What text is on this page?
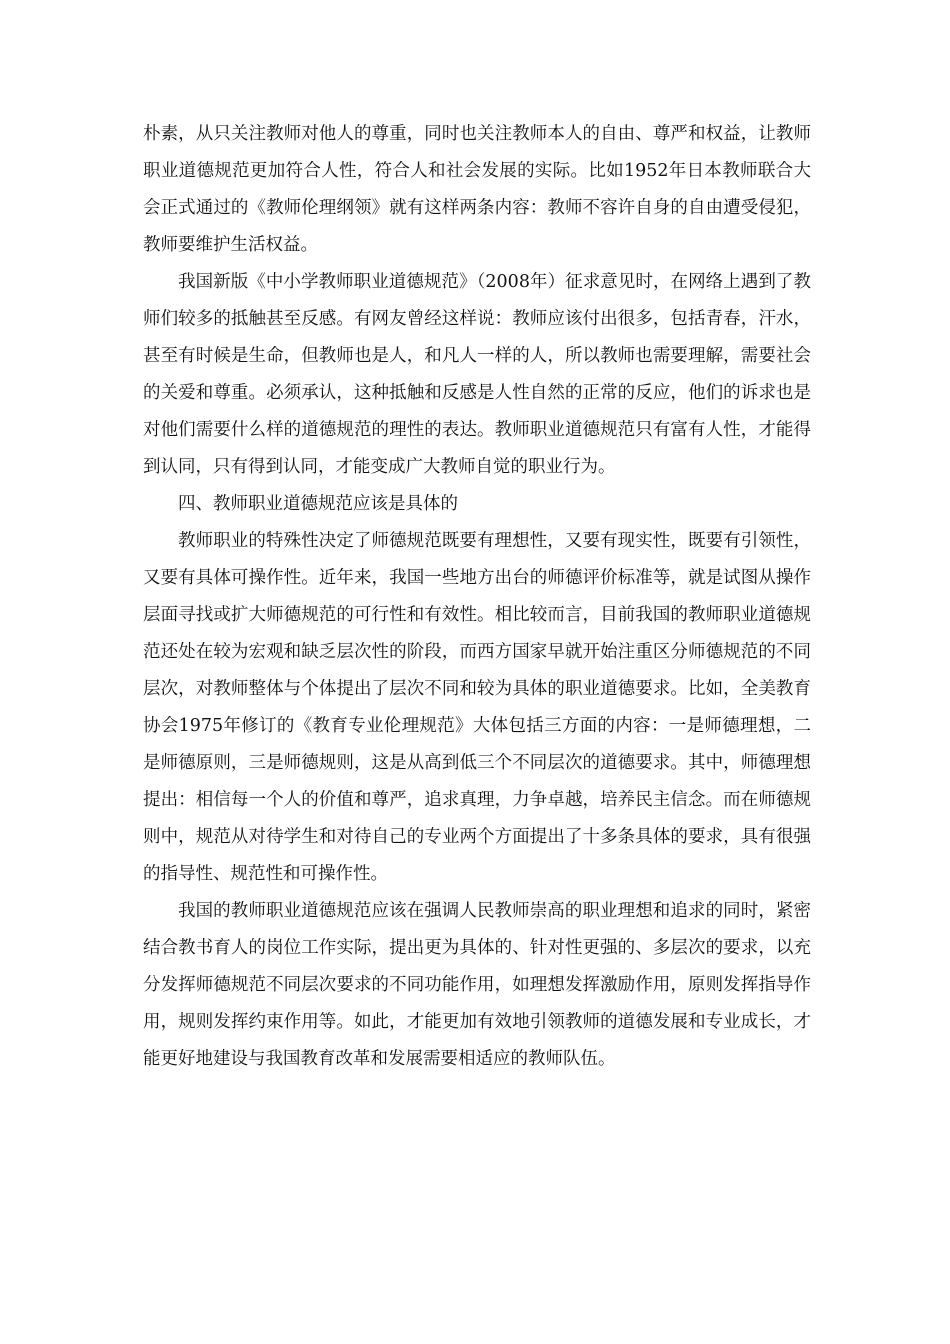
朴素，从只关注教师对他人的尊重，同时也关注教师本人的自由、尊严和权益，让教师职业道德规范更加符合人性，符合人和社会发展的实际。比如1952年日本教师联合大会正式通过的《教师伦理纲领》就有这样两条内容：教师不容许自身的自由遭受侵犯，教师要维护生活权益。

我国新版《中小学教师职业道德规范》（2008年）征求意见时，在网络上遇到了教师们较多的抵触甚至反感。有网友曾经这样说：教师应该付出很多，包括青春，汗水，甚至有时候是生命，但教师也是人，和凡人一样的人，所以教师也需要理解，需要社会的关爱和尊重。必须承认，这种抵触和反感是人性自然的正常的反应，他们的诉求也是对他们需要什么样的道德规范的理性的表达。教师职业道德规范只有富有人性，才能得到认同，只有得到认同，才能变成广大教师自觉的职业行为。

四、教师职业道德规范应该是具体的

教师职业的特殊性决定了师德规范既要有理想性，又要有现实性，既要有引领性，又要有具体可操作性。近年来，我国一些地方出台的师德评价标准等，就是试图从操作层面寻找或扩大师德规范的可行性和有效性。相比较而言，目前我国的教师职业道德规范还处在较为宏观和缺乏层次性的阶段，而西方国家早就开始注重区分师德规范的不同层次，对教师整体与个体提出了层次不同和较为具体的职业道德要求。比如，全美教育协会1975年修订的《教育专业伦理规范》大体包括三方面的内容：一是师德理想，二是师德原则，三是师德规则，这是从高到低三个不同层次的道德要求。其中，师德理想提出：相信每一个人的价值和尊严，追求真理，力争卓越，培养民主信念。而在师德规则中，规范从对待学生和对待自己的专业两个方面提出了十多条具体的要求，具有很强的指导性、规范性和可操作性。

我国的教师职业道德规范应该在强调人民教师崇高的职业理想和追求的同时，紧密结合教书育人的岗位工作实际，提出更为具体的、针对性更强的、多层次的要求，以充分发挥师德规范不同层次要求的不同功能作用，如理想发挥激励作用，原则发挥指导作用，规则发挥约束作用等。如此，才能更加有效地引领教师的道德发展和专业成长，才能更好地建设与我国教育改革和发展需要相适应的教师队伍。
